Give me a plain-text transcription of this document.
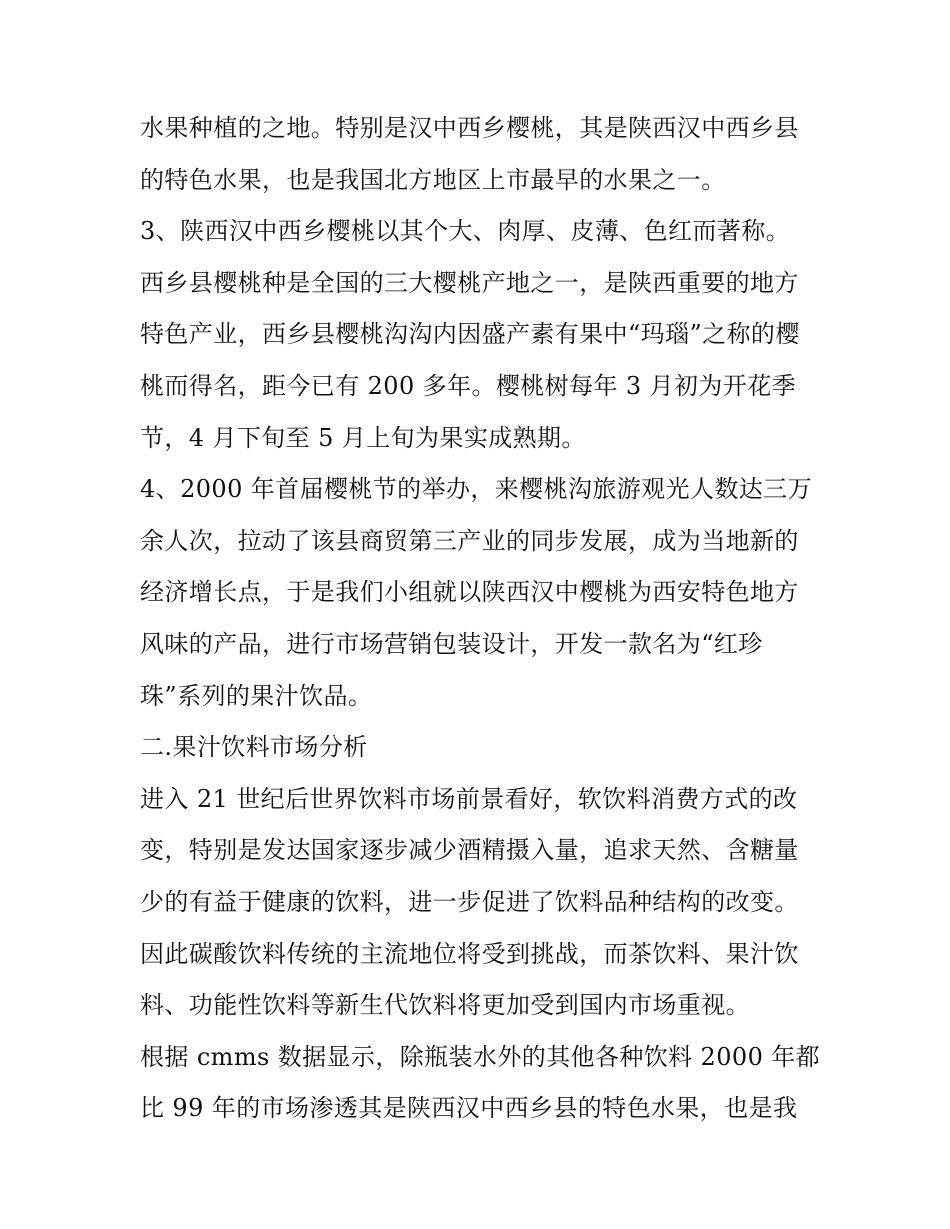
水果种植的之地。特别是汉中西乡樱桃，其是陕西汉中西乡县
的特色水果，也是我国北方地区上市最早的水果之一。
3、陕西汉中西乡樱桃以其个大、肉厚、皮薄、色红而著称。
西乡县樱桃种是全国的三大樱桃产地之一，是陕西重要的地方
特色产业，西乡县樱桃沟沟内因盛产素有果中“玛瑙”之称的樱
桃而得名，距今已有 200 多年。樱桃树每年 3 月初为开花季
节，4 月下旬至 5 月上旬为果实成熟期。
4、2000 年首届樱桃节的举办，来樱桃沟旅游观光人数达三万
余人次，拉动了该县商贸第三产业的同步发展，成为当地新的
经济增长点，于是我们小组就以陕西汉中樱桃为西安特色地方
风味的产品，进行市场营销包装设计，开发一款名为“红珍
珠”系列的果汁饮品。
二.果汁饮料市场分析
进入 21 世纪后世界饮料市场前景看好，软饮料消费方式的改
变，特别是发达国家逐步减少酒精摄入量，追求天然、含糖量
少的有益于健康的饮料，进一步促进了饮料品种结构的改变。
因此碳酸饮料传统的主流地位将受到挑战，而茶饮料、果汁饮
料、功能性饮料等新生代饮料将更加受到国内市场重视。
根据 cmms 数据显示，除瓶装水外的其他各种饮料 2000 年都
比 99 年的市场渗透其是陕西汉中西乡县的特色水果，也是我
